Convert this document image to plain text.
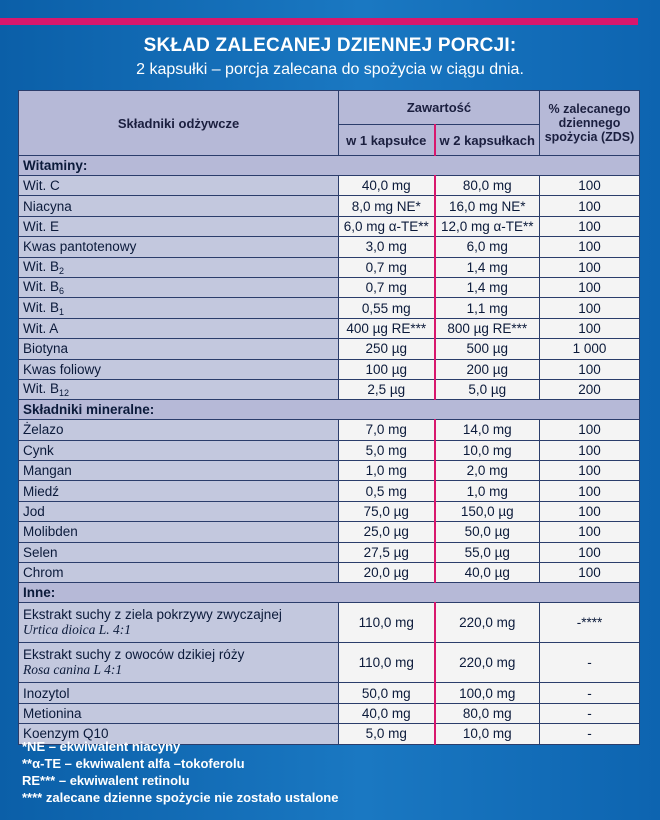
SKŁAD ZALECANEJ DZIENNEJ PORCJI:
2 kapsułki – porcja zalecana do spożycia w ciągu dnia.
Składniki odżywcze	Zawartość		% zalecanego dziennego spożycia (ZDS)
	w 1 kapsułce	w 2 kapsułkach	
Witaminy:			
Wit. C	40,0 mg	80,0 mg	100
Niacyna	8,0 mg NE*	16,0 mg NE*	100
Wit. E	6,0 mg α-TE**	12,0 mg α-TE**	100
Kwas pantotenowy	3,0 mg	6,0 mg	100
Wit. $B_2$	0,7 mg	1,4 mg	100
Wit. $B_6$	0,7 mg	1,4 mg	100
Wit. $B_1$	0,55 mg	1,1 mg	100
Wit. A	400 µg RE***	800 µg RE***	100
Biotyna	250 µg	500 µg	1 000
Kwas foliowy	100 µg	200 µg	100
Wit. $B_{12}$	2,5 µg	5,0 µg	200
Składniki mineralne:			
Żelazo	7,0 mg	14,0 mg	100
Cynk	5,0 mg	10,0 mg	100
Mangan	1,0 mg	2,0 mg	100
Miedź	0,5 mg	1,0 mg	100
Jod	75,0 µg	150,0 µg	100
Molibden	25,0 µg	50,0 µg	100
Selen	27,5 µg	55,0 µg	100
Chrom	20,0 µg	40,0 µg	100
Inne:			
Ekstrakt suchy z ziela pokrzywy zwyczajnej
Urtica dioica L. 4:1	110,0 mg	220,0 mg	-****
Ekstrakt suchy z owoców dzikiej róży
Rosa canina L 4:1	110,0 mg	220,0 mg	-
Inozytol	50,0 mg	100,0 mg	-
Metionina	40,0 mg	80,0 mg	-
Koenzym Q10	5,0 mg	10,0 mg	-
*NE – ekwiwalent niacyny
**α-TE – ekwiwalent alfa –tokoferolu
RE*** – ekwiwalent retinolu
**** zalecane dzienne spożycie nie zostało ustalone
